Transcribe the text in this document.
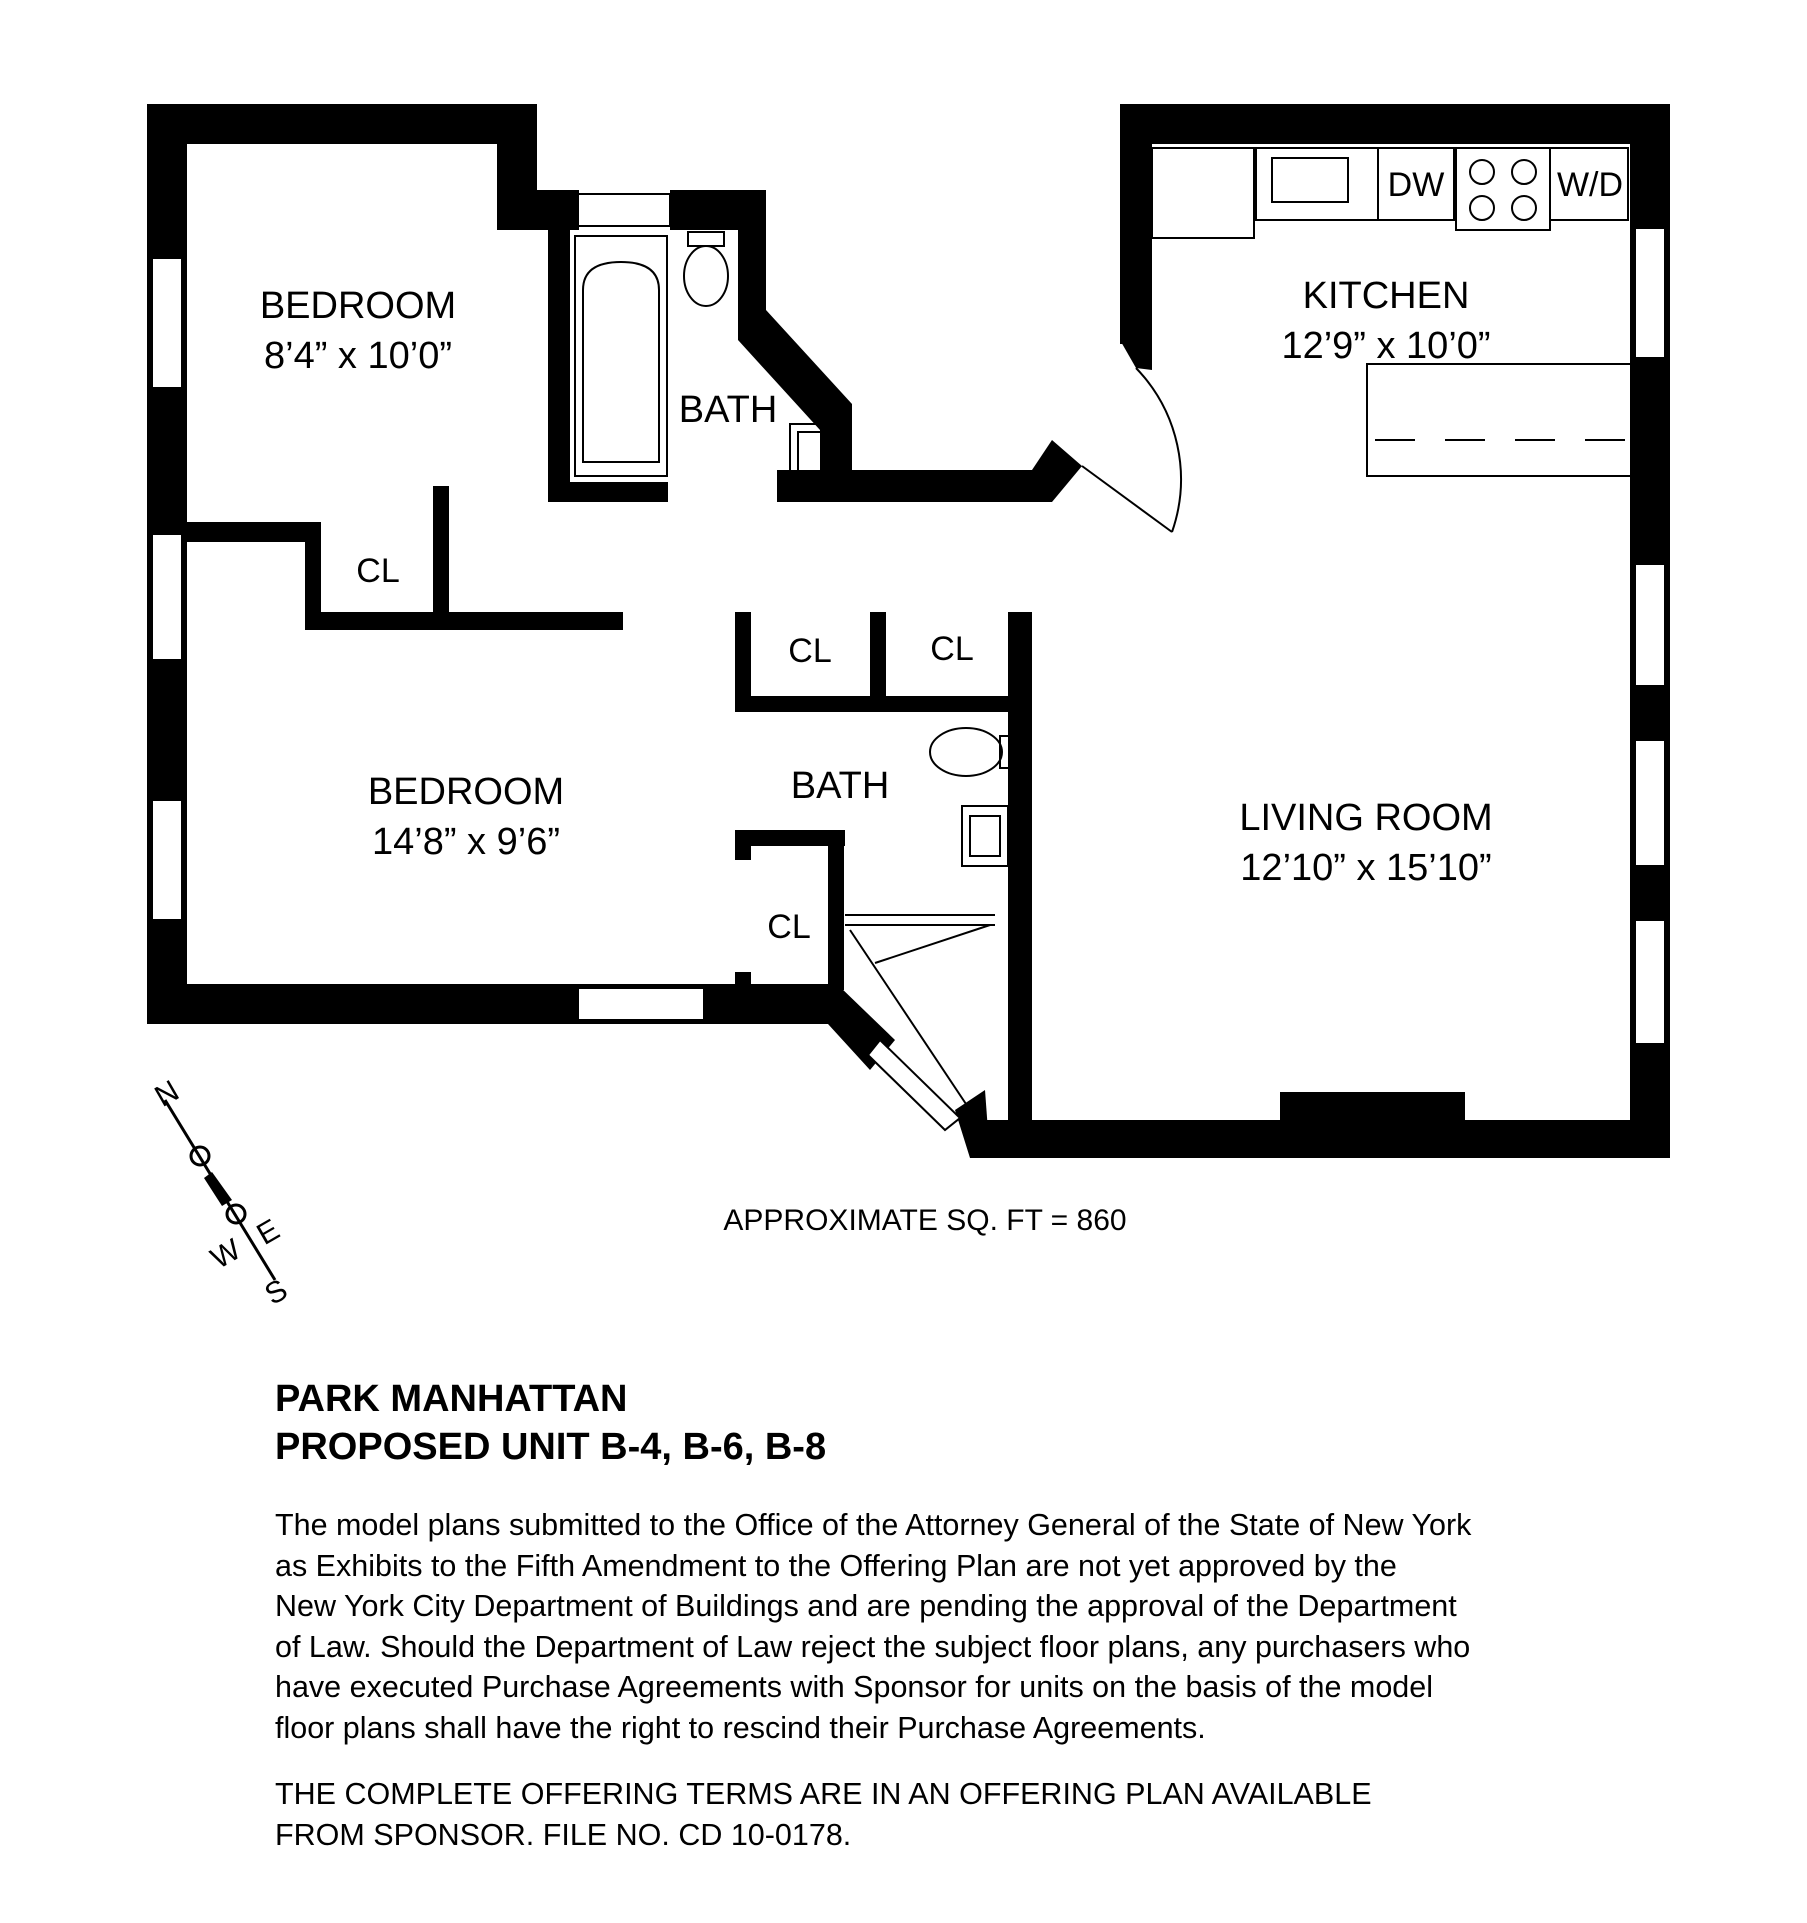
BEDROOM
8’4” x 10’0”
BATH
KITCHEN
12’9” x 10’0”
CL
CL	CL
CL
BEDROOM
14’8” x 9’6”
BATH
LIVING ROOM
12’10” x 15’10”
DW	W/D
APPROXIMATE SQ. FT = 860
N
E
W
S

PARK MANHATTAN

PROPOSED UNIT B-4, B-6, B-8

The model plans submitted to the Office of the Attorney General of the State of New York
as Exhibits to the Fifth Amendment to the Offering Plan are not yet approved by the
New York City Department of Buildings and are pending the approval of the Department
of Law. Should the Department of Law reject the subject floor plans, any purchasers who
have executed Purchase Agreements with Sponsor for units on the basis of the model
floor plans shall have the right to rescind their Purchase Agreements.
THE COMPLETE OFFERING TERMS ARE IN AN OFFERING PLAN AVAILABLE
FROM SPONSOR. FILE NO. CD 10-0178.
